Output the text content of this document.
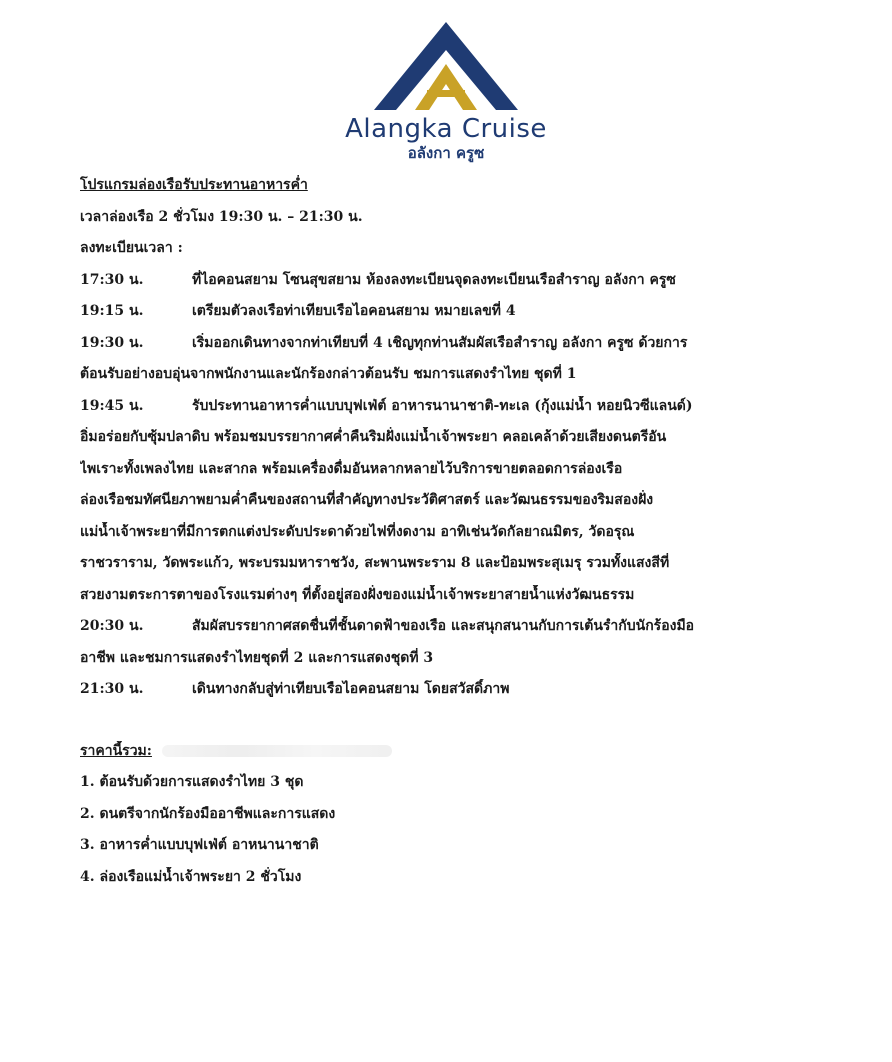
Alangka Cruise
อลังกา ครูซ
โปรแกรมล่องเรือรับประทานอาหารค่ำ
เวลาล่องเรือ 2 ชั่วโมง 19:30 น. – 21:30 น.
ลงทะเบียนเวลา :
17:30 น.	ที่ไอคอนสยาม โซนสุขสยาม ห้องลงทะเบียนจุดลงทะเบียนเรือสำราญ อลังกา ครูซ
19:15 น.	เตรียมตัวลงเรือท่าเทียบเรือไอคอนสยาม หมายเลขที่ 4
19:30 น.	เริ่มออกเดินทางจากท่าเทียบที่ 4 เชิญทุกท่านสัมผัสเรือสำราญ อลังกา ครูซ ด้วยการ
ต้อนรับอย่างอบอุ่นจากพนักงานและนักร้องกล่าวต้อนรับ ชมการแสดงรำไทย ชุดที่ 1
19:45 น.	รับประทานอาหารค่ำแบบบุฟเฟ่ต์ อาหารนานาชาติ-ทะเล (กุ้งแม่น้ำ หอยนิวซีแลนด์)
อิ่มอร่อยกับซุ้มปลาดิบ พร้อมชมบรรยากาศค่ำคืนริมฝั่งแม่น้ำเจ้าพระยา คลอเคล้าด้วยเสียงดนตรีอัน
ไพเราะทั้งเพลงไทย และสากล พร้อมเครื่องดื่มอันหลากหลายไว้บริการขายตลอดการล่องเรือ
ล่องเรือชมทัศนียภาพยามค่ำคืนของสถานที่สำคัญทางประวัติศาสตร์ และวัฒนธรรมของริมสองฝั่ง
แม่น้ำเจ้าพระยาที่มีการตกแต่งประดับประดาด้วยไฟที่งดงาม อาทิเช่นวัดกัลยาณมิตร, วัดอรุณ
ราชวราราม, วัดพระแก้ว, พระบรมมหาราชวัง, สะพานพระราม 8 และป้อมพระสุเมรุ รวมทั้งแสงสีที่
สวยงามตระการตาของโรงแรมต่างๆ ที่ตั้งอยู่สองฝั่งของแม่น้ำเจ้าพระยาสายน้ำแห่งวัฒนธรรม
20:30 น.	สัมผัสบรรยากาศสดชื่นที่ชั้นดาดฟ้าของเรือ และสนุกสนานกับการเต้นรำกับนักร้องมือ
อาชีพ และชมการแสดงรำไทยชุดที่ 2 และการแสดงชุดที่ 3
21:30 น.	เดินทางกลับสู่ท่าเทียบเรือไอคอนสยาม โดยสวัสดิ์ภาพ
ราคานี้รวม:
1. ต้อนรับด้วยการแสดงรำไทย 3 ชุด
2. ดนตรีจากนักร้องมืออาชีพและการแสดง
3. อาหารค่ำแบบบุฟเฟ่ต์ อาหนานาชาติ
4. ล่องเรือแม่น้ำเจ้าพระยา 2 ชั่วโมง
